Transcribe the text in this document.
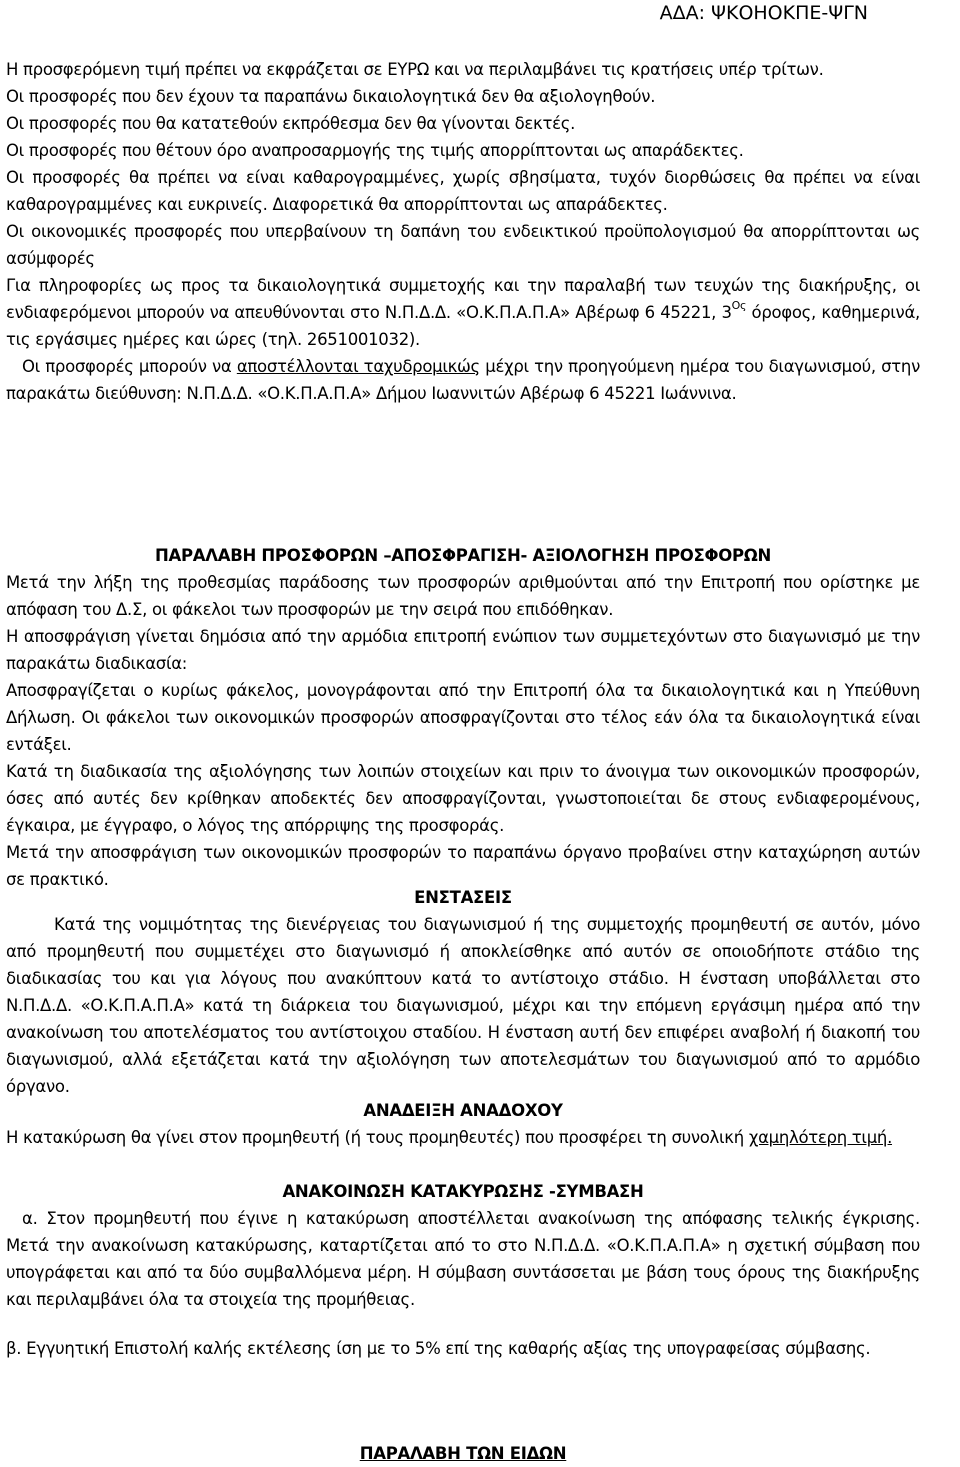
ΑΔΑ: ΨΚΟΗΟΚΠΕ-ΨΓΝ

Η προσφερόμενη τιμή πρέπει να εκφράζεται σε ΕΥΡΩ και να περιλαμβάνει τις κρατήσεις υπέρ τρίτων.

Οι προσφορές που δεν έχουν τα παραπάνω δικαιολογητικά δεν θα αξιολογηθούν.

Οι προσφορές που θα κατατεθούν εκπρόθεσμα δεν θα γίνονται δεκτές.

Οι προσφορές που θέτουν όρο αναπροσαρμογής της τιμής απορρίπτονται ως απαράδεκτες.

Οι προσφορές θα πρέπει να είναι καθαρογραμμένες, χωρίς σβησίματα, τυχόν διορθώσεις θα πρέπει να είναι καθαρογραμμένες και ευκρινείς. Διαφορετικά θα απορρίπτονται ως απαράδεκτες.

Οι οικονομικές προσφορές που υπερβαίνουν τη δαπάνη του ενδεικτικού προϋπολογισμού θα απορρίπτονται ως ασύμφορές

Για πληροφορίες ως προς τα δικαιολογητικά συμμετοχής και την παραλαβή των τευχών της διακήρυξης, οι ενδιαφερόμενοι μπορούν να απευθύνονται στο Ν.Π.Δ.Δ. «Ο.Κ.Π.Α.Π.Α» Αβέρωφ 6 45221, $3^{O\varsigma}$ όροφος, καθημερινά, τις εργάσιμες ημέρες και ώρες (τηλ. 2651001032).

Οι προσφορές μπορούν να αποστέλλονται ταχυδρομικώς μέχρι την προηγούμενη ημέρα του διαγωνισμού, στην παρακάτω διεύθυνση: Ν.Π.Δ.Δ. «Ο.Κ.Π.Α.Π.Α» Δήμου Ιωαννιτών Αβέρωφ 6 45221 Ιωάννινα.

ΠΑΡΑΛΑΒΗ ΠΡΟΣΦΟΡΩΝ –ΑΠΟΣΦΡΑΓΙΣΗ- ΑΞΙΟΛΟΓΗΣΗ ΠΡΟΣΦΟΡΩΝ

Μετά την λήξη της προθεσμίας παράδοσης των προσφορών αριθμούνται από την Επιτροπή που ορίστηκε με απόφαση του Δ.Σ, οι φάκελοι των προσφορών με την σειρά που επιδόθηκαν.

Η αποσφράγιση γίνεται δημόσια από την αρμόδια επιτροπή ενώπιον των συμμετεχόντων στο διαγωνισμό με την παρακάτω διαδικασία:

Αποσφραγίζεται ο κυρίως φάκελος, μονογράφονται από την Επιτροπή όλα τα δικαιολογητικά και η Υπεύθυνη Δήλωση. Οι φάκελοι των οικονομικών προσφορών αποσφραγίζονται στο τέλος εάν όλα τα δικαιολογητικά είναι εντάξει.

Κατά τη διαδικασία της αξιολόγησης των λοιπών στοιχείων και πριν το άνοιγμα των οικονομικών προσφορών, όσες από αυτές δεν κρίθηκαν αποδεκτές δεν αποσφραγίζονται, γνωστοποιείται δε στους ενδιαφερομένους, έγκαιρα, με έγγραφο, ο λόγος της απόρριψης της προσφοράς.

Μετά την αποσφράγιση των οικονομικών προσφορών το παραπάνω όργανο προβαίνει στην καταχώρηση αυτών σε πρακτικό.

ΕΝΣΤΑΣΕΙΣ

Κατά της νομιμότητας της διενέργειας του διαγωνισμού ή της συμμετοχής προμηθευτή σε αυτόν, μόνο από προμηθευτή που συμμετέχει στο διαγωνισμό ή αποκλείσθηκε από αυτόν σε οποιοδήποτε στάδιο της διαδικασίας του και για λόγους που ανακύπτουν κατά το αντίστοιχο στάδιο. Η ένσταση υποβάλλεται στο Ν.Π.Δ.Δ. «Ο.Κ.Π.Α.Π.Α» κατά τη διάρκεια του διαγωνισμού, μέχρι και την επόμενη εργάσιμη ημέρα από την ανακοίνωση του αποτελέσματος του αντίστοιχου σταδίου. Η ένσταση αυτή δεν επιφέρει αναβολή ή διακοπή του διαγωνισμού, αλλά εξετάζεται κατά την αξιολόγηση των αποτελεσμάτων του διαγωνισμού από το αρμόδιο όργανο.

ΑΝΑΔΕΙΞΗ ΑΝΑΔΟΧΟΥ

Η κατακύρωση θα γίνει στον προμηθευτή (ή τους προμηθευτές) που προσφέρει τη συνολική χαμηλότερη τιμή.

ΑΝΑΚΟΙΝΩΣΗ ΚΑΤΑΚΥΡΩΣΗΣ -ΣΥΜΒΑΣΗ

α. Στον προμηθευτή που έγινε η κατακύρωση αποστέλλεται ανακοίνωση της απόφασης τελικής έγκρισης. Μετά την ανακοίνωση κατακύρωσης, καταρτίζεται από το στο Ν.Π.Δ.Δ. «Ο.Κ.Π.Α.Π.Α» η σχετική σύμβαση που υπογράφεται και από τα δύο συμβαλλόμενα μέρη. Η σύμβαση συντάσσεται με βάση τους όρους της διακήρυξης και περιλαμβάνει όλα τα στοιχεία της προμήθειας.

β. Εγγυητική Επιστολή καλής εκτέλεσης ίση με το 5% επί της καθαρής αξίας της υπογραφείσας σύμβασης.

ΠΑΡΑΛΑΒΗ ΤΩΝ ΕΙΔΩΝ
